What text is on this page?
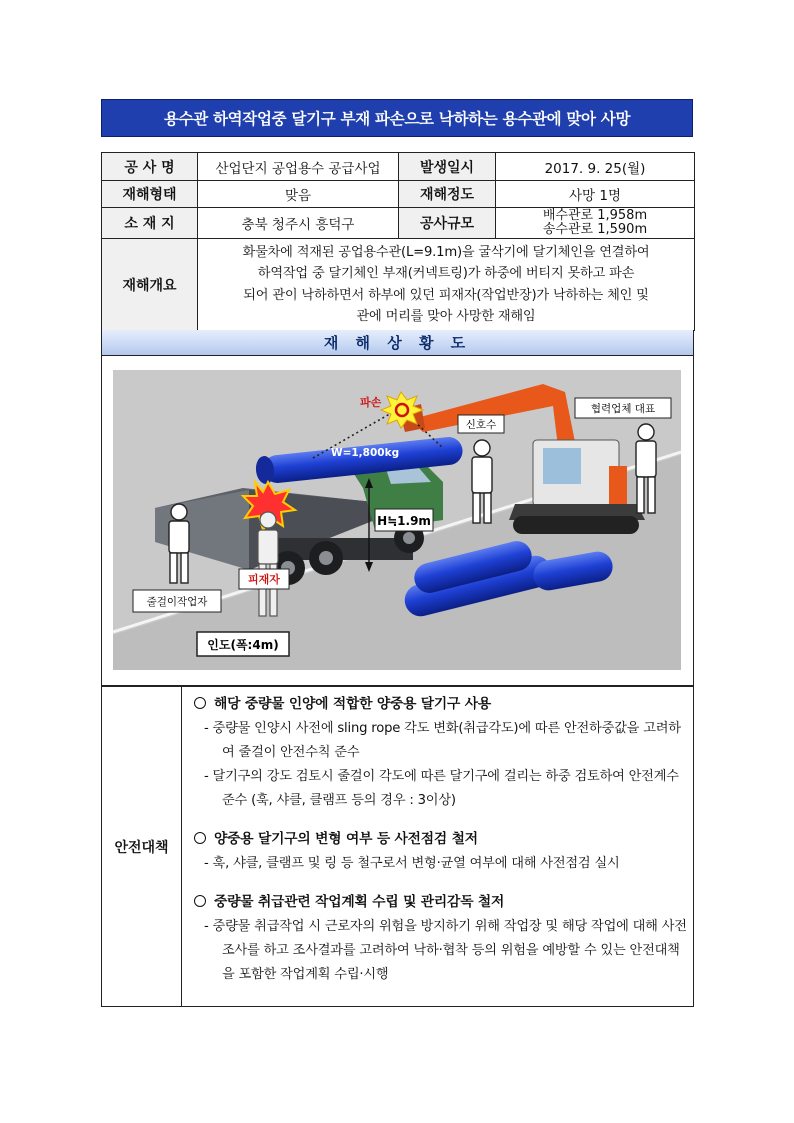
용수관 하역작업중 달기구 부재 파손으로 낙하하는 용수관에 맞아 사망
공 사 명	산업단지 공업용수 공급사업	발생일시	2017. 9. 25(월)
재해형태	맞음	재해정도	사망 1명
소 재 지	충북 청주시 흥덕구	공사규모	배수관로 1,958m
송수관로 1,590m

재해개요	화물차에 적재된 공업용수관(L=9.1m)을 굴삭기에 달기체인을 연결하여
하역작업 중 달기체인 부재(커넥트링)가 하중에 버티지 못하고 파손
되어 관이 낙하하면서 하부에 있던 피재자(작업반장)가 낙하하는 체인 및
관에 머리를 맞아 사망한 재해임		
재 해 상 황 도
파손
신호수
협력업체 대표
W=1,800kg
H≒1.9m
피재자
줄걸이작업자
인도(폭:4m)
안전대책

해당 중량물 인양에 적합한 양중용 달기구 사용

- 중량물 인양시 사전에 sling rope 각도 변화(취급각도)에 따른 안전하중값을 고려하여 줄걸이 안전수칙 준수

- 달기구의 강도 검토시 줄걸이 각도에 따른 달기구에 걸리는 하중 검토하여 안전계수 준수 (훅, 샤클, 클램프 등의 경우 : 3이상)

양중용 달기구의 변형 여부 등 사전점검 철저

- 훅, 샤클, 클램프 및 링 등 철구로서 변형·균열 여부에 대해 사전점검 실시

중량물 취급관련 작업계획 수립 및 관리감독 철저

- 중량물 취급작업 시 근로자의 위험을 방지하기 위해 작업장 및 해당 작업에 대해 사전조사를 하고 조사결과를 고려하여 낙하·협착 등의 위험을 예방할 수 있는 안전대책을 포함한 작업계획 수립·시행
